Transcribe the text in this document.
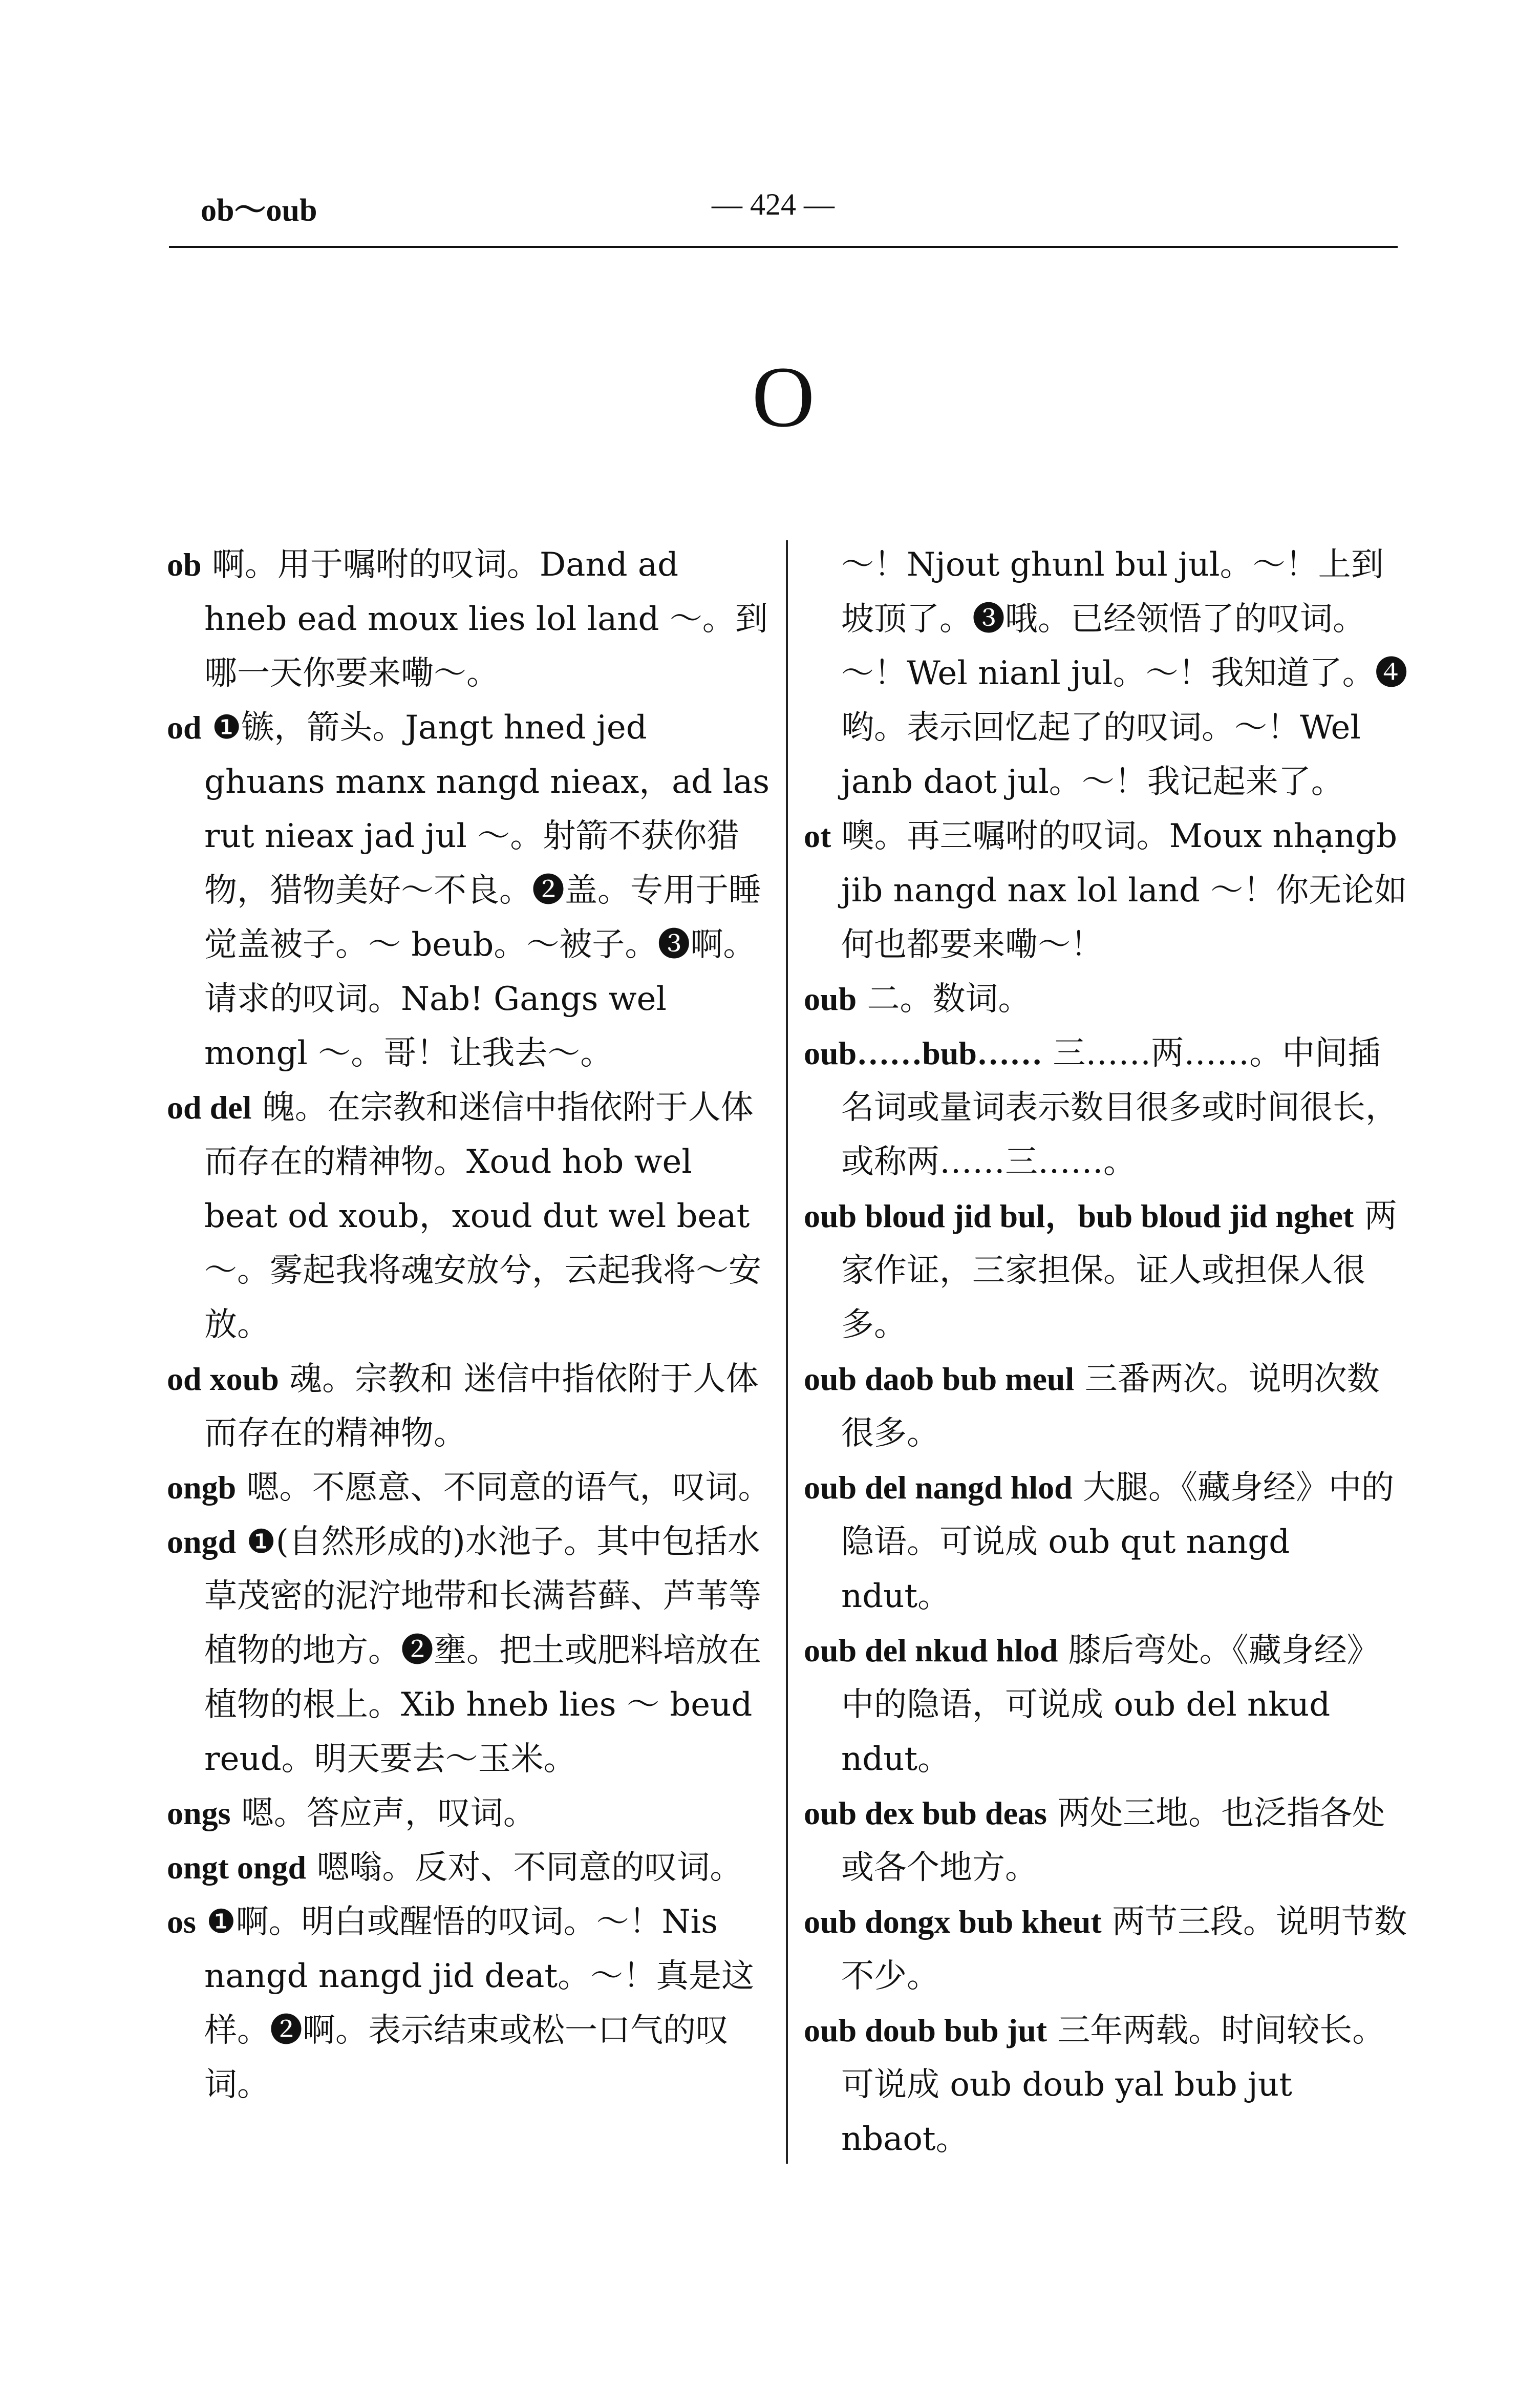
ob～oub	— 424 —
O

ob 啊。用于嘱咐的叹词。Dand ad hneb ead moux lies lol land ～。到哪一天你要来嘞～。

od ❶镞，箭头。Jangt hned jed ghuans manx nangd nieax，ad las rut nieax jad jul ～。射箭不获你猎物，猎物美好～不良。❷盖。专用于睡觉盖被子。～ beub。～被子。❸啊。请求的叹词。Nab! Gangs wel mongl ～。哥！让我去～。

od del 魄。在宗教和迷信中指依附于人体而存在的精神物。Xoud hob wel beat od xoub，xoud dut wel beat ～。雾起我将魂安放兮，云起我将～安放。

od xoub 魂。宗教和 迷信中指依附于人体而存在的精神物。

ongb 嗯。不愿意、不同意的语气，叹词。

ongd ❶(自然形成的)水池子。其中包括水草茂密的泥泞地带和长满苔藓、芦苇等植物的地方。❷壅。把土或肥料培放在植物的根上。Xib hneb lies ～ beud reud。明天要去～玉米。

ongs 嗯。答应声，叹词。

ongt ongd 嗯嗡。反对、不同意的叹词。

os ❶啊。明白或醒悟的叹词。～！Nis nangd nangd jid deat。～！真是这样。❷啊。表示结束或松一口气的叹词。

～！Njout ghunl bul jul。～！上到坡顶了。❸哦。已经领悟了的叹词。～！Wel nianl jul。～！我知道了。❹哟。表示回忆起了的叹词。～！Wel janb daot jul。～！我记起来了。

ot 噢。再三嘱咐的叹词。Moux nhạngb jib nangd nax lol land ～！你无论如何也都要来嘞～！

oub 二。数词。

oub……bub…… 三……两……。中间插名词或量词表示数目很多或时间很长，或称两……三……。

oub bloud jid bul，bub bloud jid nghet 两家作证，三家担保。证人或担保人很多。

oub daob bub meul 三番两次。说明次数很多。

oub del nangd hlod 大腿。《藏身经》中的隐语。可说成 oub qut nangd ndut。

oub del nkud hlod 膝后弯处。《藏身经》中的隐语，可说成 oub del nkud ndut。

oub dex bub deas 两处三地。也泛指各处或各个地方。

oub dongx bub kheut 两节三段。说明节数不少。

oub doub bub jut 三年两载。时间较长。可说成 oub doub yal bub jut nbaot。
